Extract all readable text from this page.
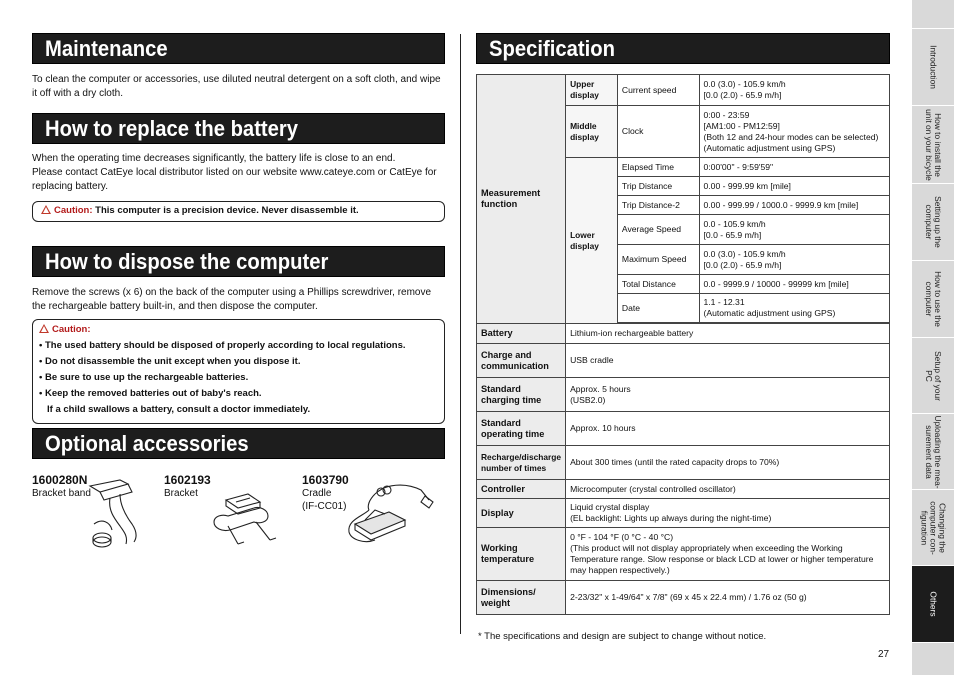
Maintenance
To clean the computer or accessories, use diluted neutral detergent on a soft cloth, and wipe it off with a dry cloth.
How to replace the battery
When the operating time decreases significantly, the battery life is close to an end.
Please contact CatEye local distributor listed on our website www.cateye.com or CatEye for replacing battery.
Caution: This computer is a precision device. Never disassemble it.
How to dispose the computer
Remove the screws (x 6) on the back of the computer using a Phillips screwdriver, remove the rechargeable battery built-in, and then dispose the computer.
Caution:
• The used battery should be disposed of properly according to local regulations.
• Do not disassemble the unit except when you dispose it.
• Be sure to use up the rechargeable batteries.
• Keep the removed batteries out of baby's reach.
If a child swallows a battery, consult a doctor immediately.
Optional accessories
1600280N
Bracket band
1602193
Bracket
1603790
Cradle
(IF-CC01)
Specification
Measurement function	Upper display	Current speed	0.0 (3.0) - 105.9 km/h
[0.0 (2.0) - 65.9 m/h]

	Middle display	Clock	0:00 - 23:59
[AM1:00 - PM12:59]
(Both 12 and 24-hour modes can be selected)
(Automatic adjustment using GPS)

	Lower display	Elapsed Time	0:00'00" - 9:59'59"
		Trip Distance	0.00 - 999.99 km [mile]
		Trip Distance-2	0.00 - 999.99 / 1000.0 - 9999.9 km [mile]
		Average Speed	0.0 - 105.9 km/h
[0.0 - 65.9 m/h]

		Maximum Speed	0.0 (3.0) - 105.9 km/h
[0.0 (2.0) - 65.9 m/h]

		Total Distance	0.0 - 9999.9 / 10000 - 99999 km [mile]
		Date	1.1 - 12.31
(Automatic adjustment using GPS)

Battery	Lithium-ion rechargeable battery		
Charge and communication	USB cradle		
Standard charging time	Approx. 5 hours
(USB2.0)		

Standard operating time	Approx. 10 hours		
Recharge/discharge number of times	About 300 times (until the rated capacity drops to 70%)		
Controller	Microcomputer (crystal controlled oscillator)		
Display	Liquid crystal display
(EL backlight: Lights up always during the night-time)		

Working temperature	0 °F - 104 °F (0 °C - 40 °C)
(This product will not display appropriately when exceeding the Working Temperature range. Slow response or black LCD at lower or higher temperature may happen respectively.)		

Dimensions/ weight	2-23/32" x 1-49/64" x 7/8" (69 x 45 x 22.4 mm) / 1.76 oz (50 g)		
* The specifications and design are subject to change without notice.
27
Introduction
How to install the
unit on your bicycle
Setting up the
computer
How to use the
computer
Setup of your
PC
Uploading the mea-
surement data
Changing the
computer con-
figuration
Others
